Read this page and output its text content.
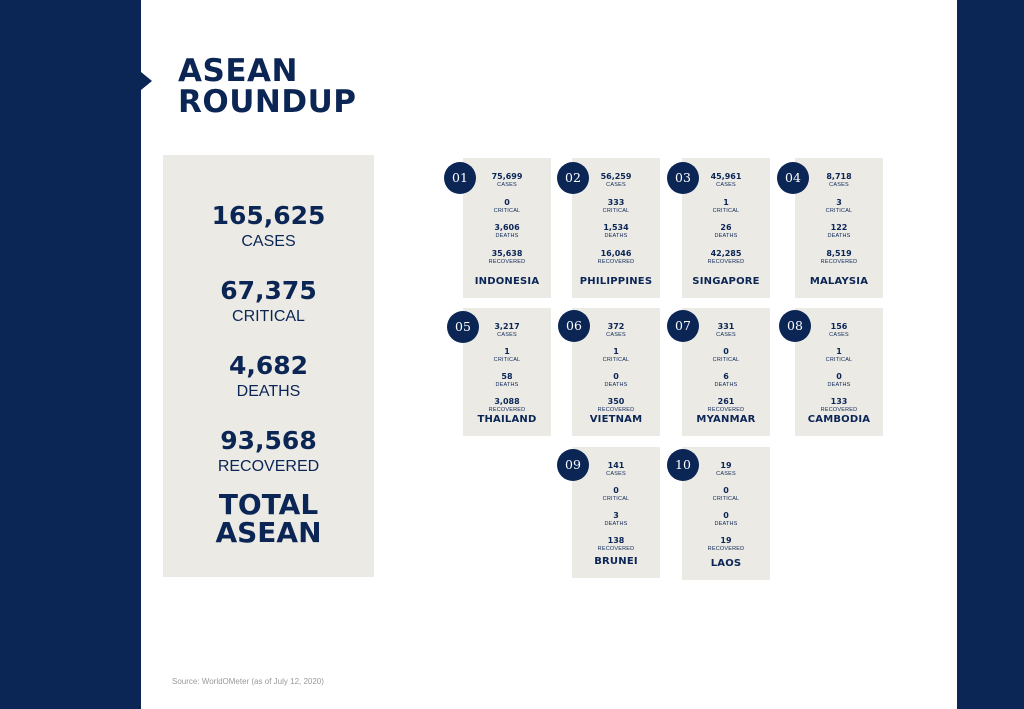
ASEAN
ROUNDUP
165,625
CASES
67,375
CRITICAL
4,682
DEATHS
93,568
RECOVERED
TOTAL
ASEAN
75,699
CASES
0
CRITICAL
3,606
DEATHS
35,638
RECOVERED
INDONESIA
01	56,259
CASES
333
CRITICAL
1,534
DEATHS
16,046
RECOVERED
PHILIPPINES
02	45,961
CASES
1
CRITICAL
26
DEATHS
42,285
RECOVERED
SINGAPORE
03	8,718
CASES
3
CRITICAL
122
DEATHS
8,519
RECOVERED
MALAYSIA
04
3,217
CASES
1
CRITICAL
58
DEATHS
3,088
RECOVERED
THAILAND
05	372
CASES
1
CRITICAL
0
DEATHS
350
RECOVERED
VIETNAM
06	331
CASES
0
CRITICAL
6
DEATHS
261
RECOVERED
MYANMAR
07	156
CASES
1
CRITICAL
0
DEATHS
133
RECOVERED
CAMBODIA
08
141
CASES
0
CRITICAL
3
DEATHS
138
RECOVERED
BRUNEI
09	19
CASES
0
CRITICAL
0
DEATHS
19
RECOVERED
LAOS
10
Source: WorldOMeter (as of July 12, 2020)
